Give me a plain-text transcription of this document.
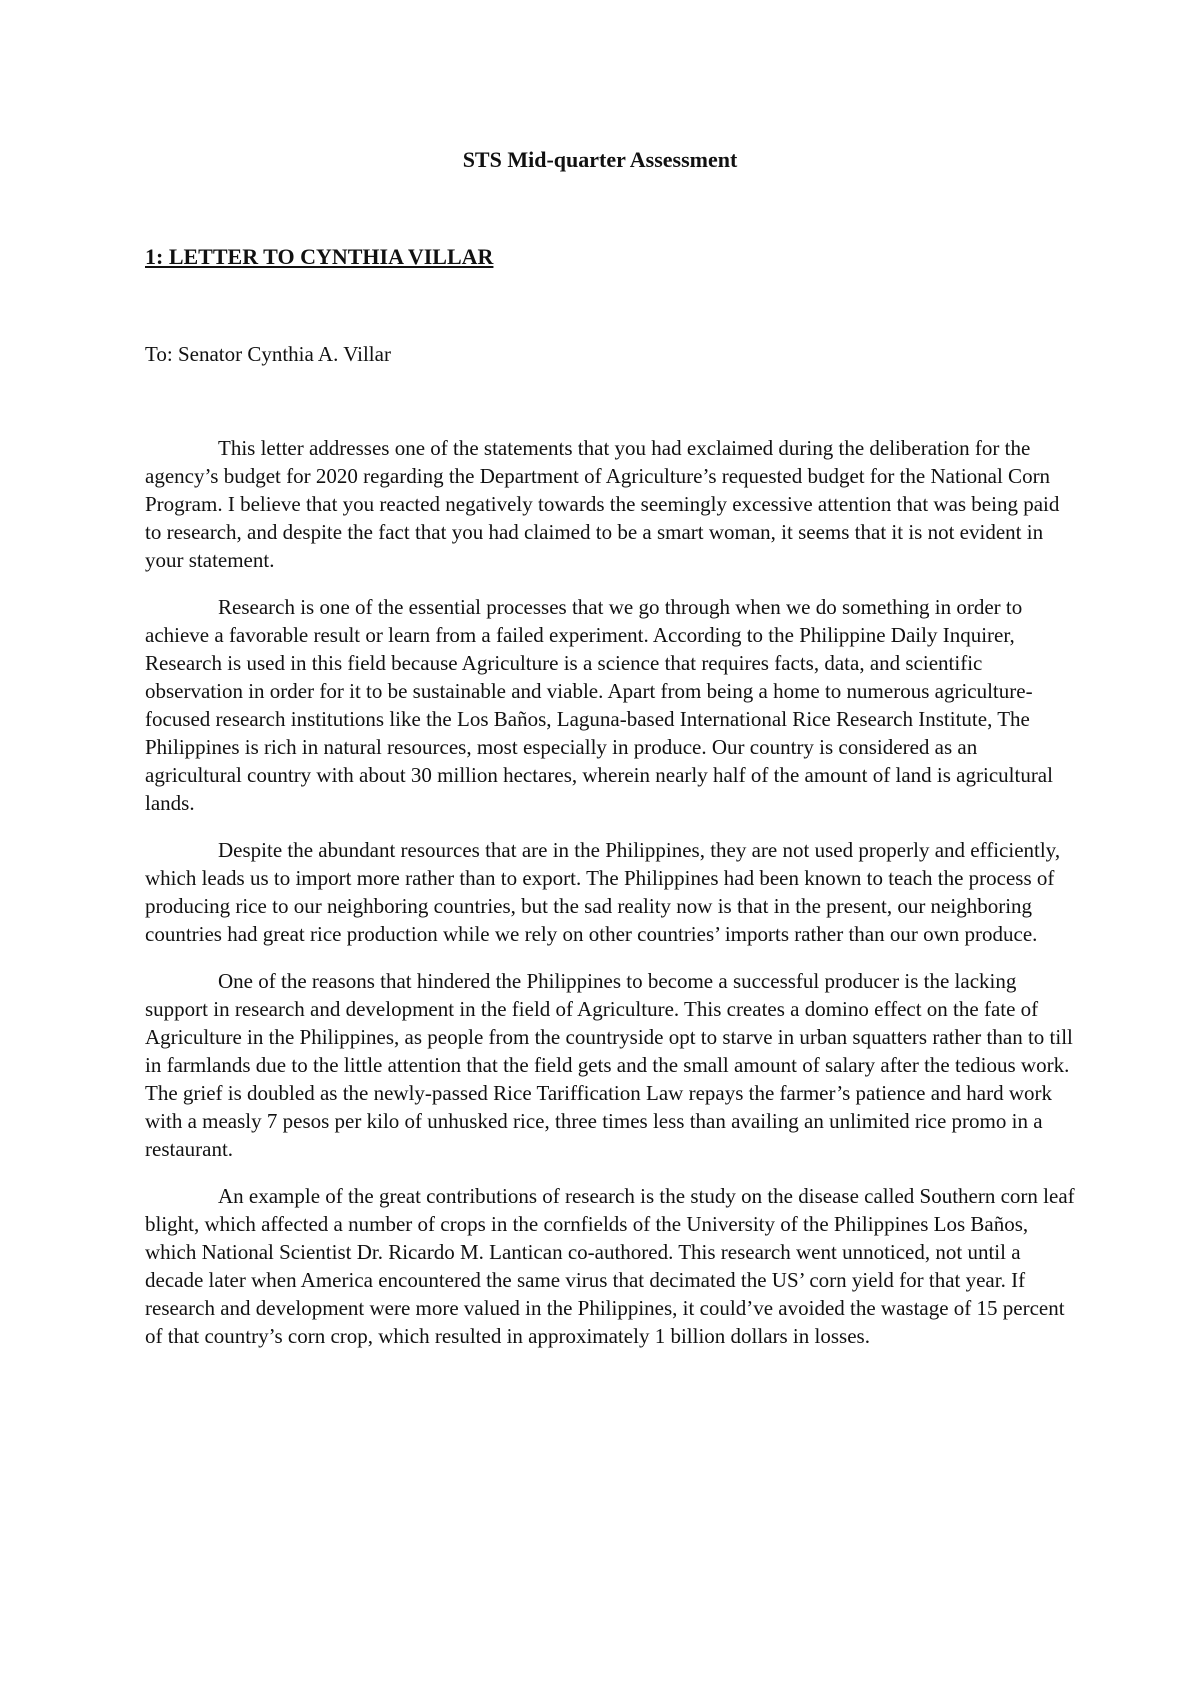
STS Mid-quarter Assessment
1: LETTER TO CYNTHIA VILLAR

To: Senator Cynthia A. Villar

This letter addresses one of the statements that you had exclaimed during the deliberation for the agency’s budget for 2020 regarding the Department of Agriculture’s requested budget for the National Corn Program. I believe that you reacted negatively towards the seemingly excessive attention that was being paid to research, and despite the fact that you had claimed to be a smart woman, it seems that it is not evident in your statement.

Research is one of the essential processes that we go through when we do something in order to achieve a favorable result or learn from a failed experiment. According to the Philippine Daily Inquirer, Research is used in this field because Agriculture is a science that requires facts, data, and scientific observation in order for it to be sustainable and viable. Apart from being a home to numerous agriculture-focused research institutions like the Los Baños, Laguna-based International Rice Research Institute, The Philippines is rich in natural resources, most especially in produce. Our country is considered as an agricultural country with about 30 million hectares, wherein nearly half of the amount of land is agricultural lands.

Despite the abundant resources that are in the Philippines, they are not used properly and efficiently, which leads us to import more rather than to export. The Philippines had been known to teach the process of producing rice to our neighboring countries, but the sad reality now is that in the present, our neighboring countries had great rice production while we rely on other countries’ imports rather than our own produce.

One of the reasons that hindered the Philippines to become a successful producer is the lacking support in research and development in the field of Agriculture. This creates a domino effect on the fate of Agriculture in the Philippines, as people from the countryside opt to starve in urban squatters rather than to till in farmlands due to the little attention that the field gets and the small amount of salary after the tedious work. The grief is doubled as the newly-passed Rice Tariffication Law repays the farmer’s patience and hard work with a measly 7 pesos per kilo of unhusked rice, three times less than availing an unlimited rice promo in a restaurant.

An example of the great contributions of research is the study on the disease called Southern corn leaf blight, which affected a number of crops in the cornfields of the University of the Philippines Los Baños, which National Scientist Dr. Ricardo M. Lantican co-authored. This research went unnoticed, not until a decade later when America encountered the same virus that decimated the US’ corn yield for that year. If research and development were more valued in the Philippines, it could’ve avoided the wastage of 15 percent of that country’s corn crop, which resulted in approximately 1 billion dollars in losses.
